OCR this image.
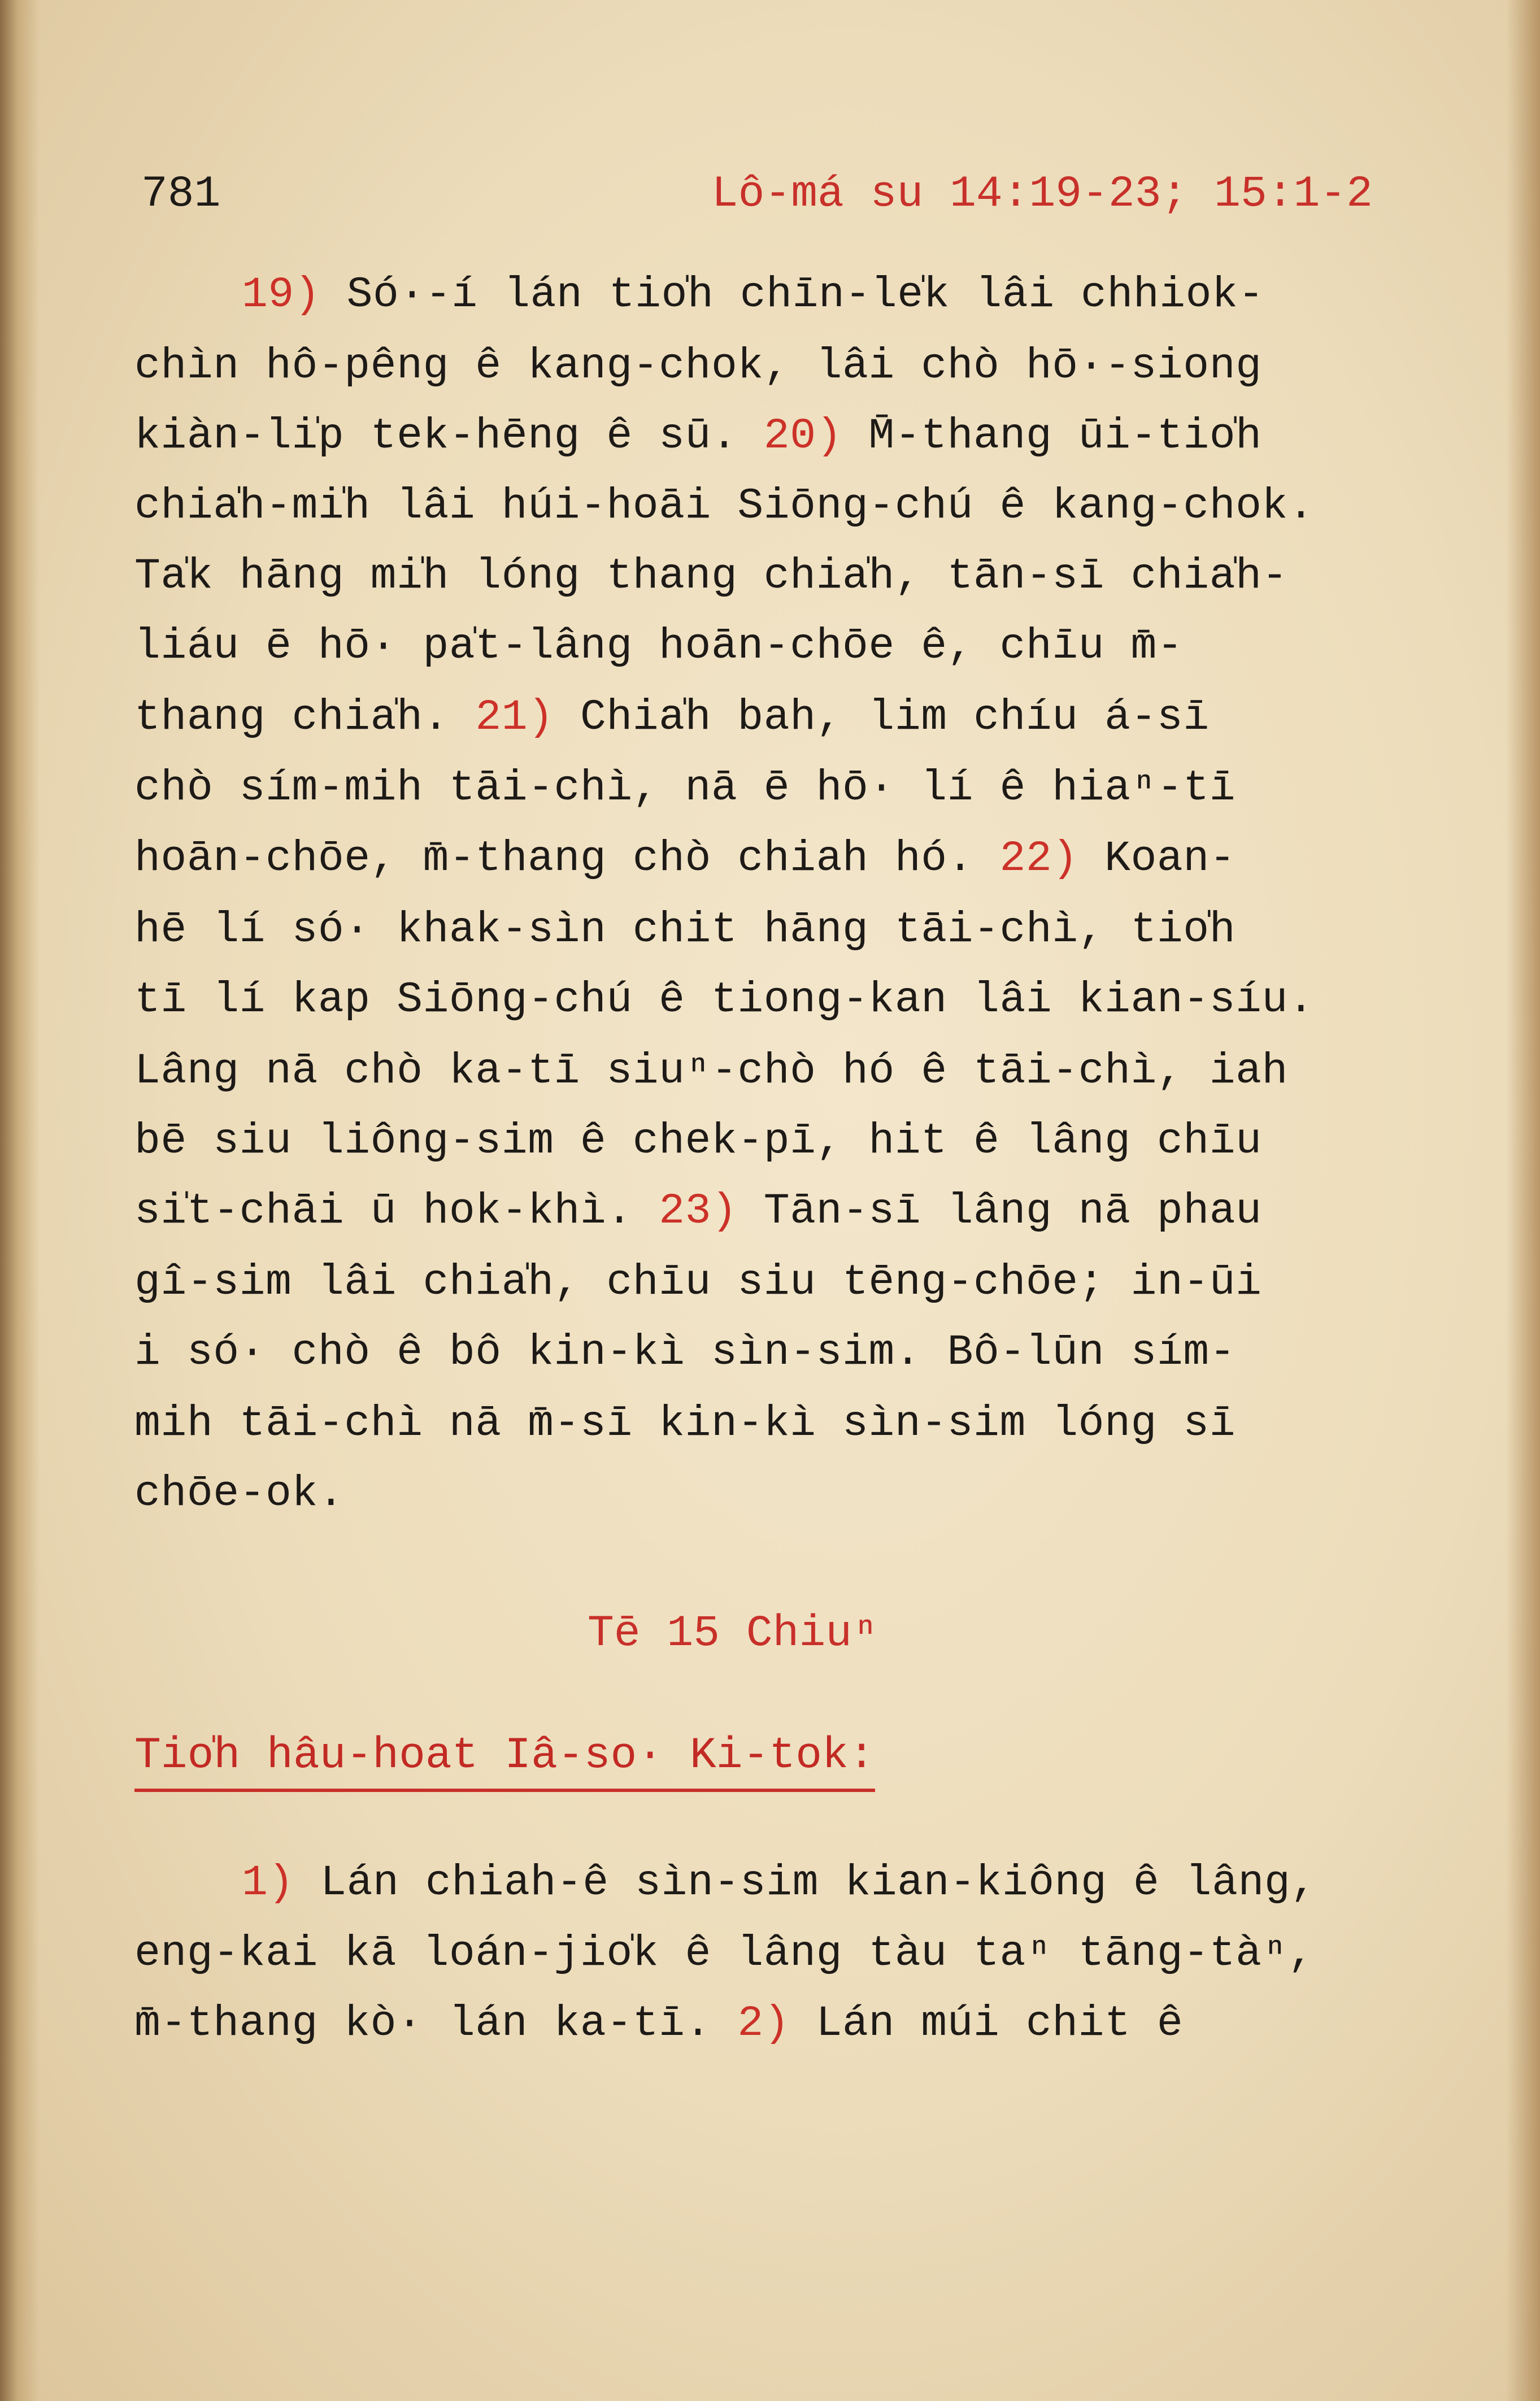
781	Lô-má su 14:19-23; 15:1-2
19) Só·-í lán tio̍h chīn-le̍k lâi chhiok-
chìn hô-pêng ê kang-chok, lâi chò hō·-siong
kiàn-li̍p tek-hēng ê sū. 20) M̄-thang ūi-tio̍h
chia̍h-mi̍h lâi húi-hoāi Siōng-chú ê kang-chok.
Ta̍k hāng mi̍h lóng thang chia̍h, tān-sī chia̍h-
liáu ē hō· pa̍t-lâng hoān-chōe ê, chīu m̄-
thang chia̍h. 21) Chia̍h bah, lim chíu á-sī
chò sím-mih tāi-chì, nā ē hō· lí ê hiaⁿ-tī
hoān-chōe, m̄-thang chò chiah hó. 22) Koan-
hē lí só· khak-sìn chit hāng tāi-chì, tio̍h
tī lí kap Siōng-chú ê tiong-kan lâi kian-síu.
Lâng nā chò ka-tī siuⁿ-chò hó ê tāi-chì, iah
bē siu liông-sim ê chek-pī, hit ê lâng chīu
si̍t-chāi ū hok-khì. 23) Tān-sī lâng nā phau
gî-sim lâi chia̍h, chīu siu tēng-chōe; in-ūi
i só· chò ê bô kin-kì sìn-sim. Bô-lūn sím-
mih tāi-chì nā m̄-sī kin-kì sìn-sim lóng sī
chōe-ok.
Tē 15 Chiuⁿ
Tio̍h hâu-hoat Iâ-so· Ki-tok:
1) Lán chiah-ê sìn-sim kian-kiông ê lâng,
eng-kai kā loán-jio̍k ê lâng tàu taⁿ tāng-tàⁿ,
m̄-thang kò· lán ka-tī. 2) Lán múi chit ê
